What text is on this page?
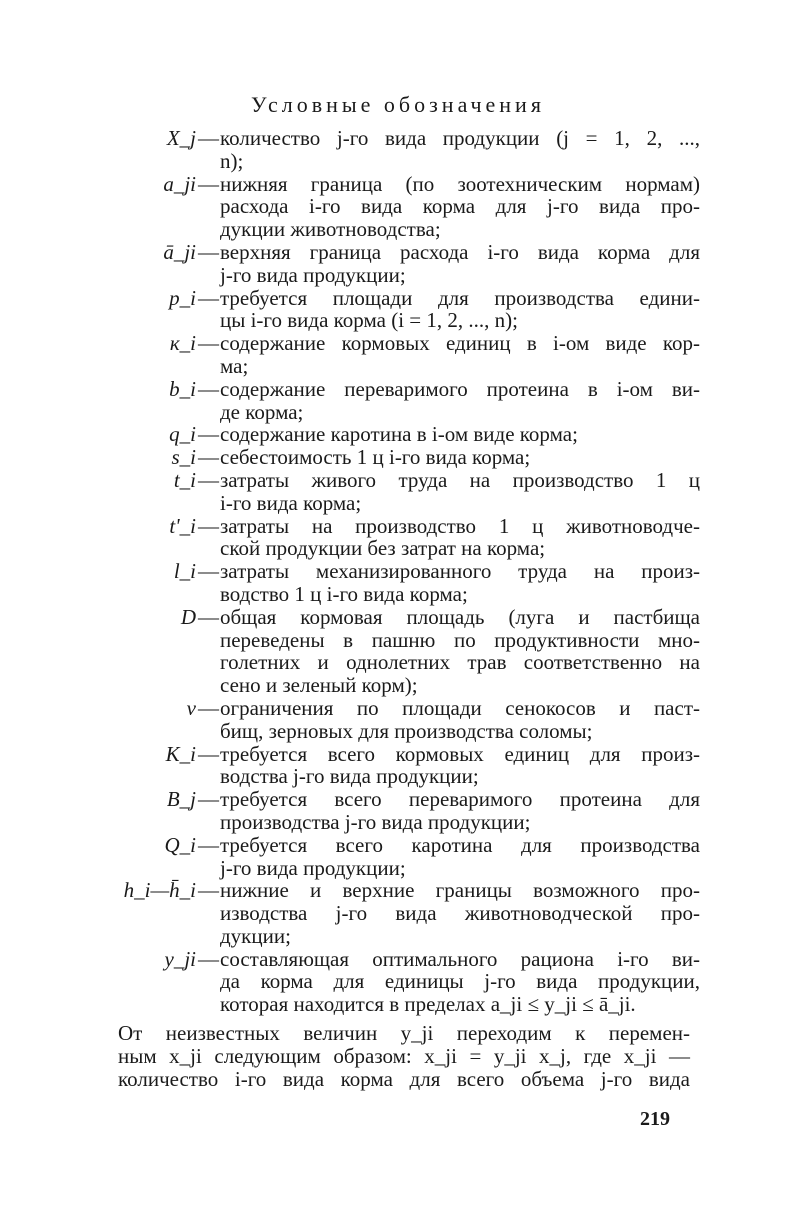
Условные обозначения
X_j — количество j-го вида продукции (j = 1, 2, ...,
n);
a_ji — нижняя граница (по зоотехническим нормам)
расхода i-го вида корма для j-го вида про-
дукции животноводства;
ā_ji — верхняя граница расхода i-го вида корма для
j-го вида продукции;
p_i — требуется площади для производства едини-
цы i-го вида корма (i = 1, 2, ..., n);
к_i — содержание кормовых единиц в i-ом виде кор-
ма;
b_i — содержание переваримого протеина в i-ом ви-
де корма;
q_i — содержание каротина в i-ом виде корма;
s_i — себестоимость 1 ц i-го вида корма;
t_i — затраты живого труда на производство 1 ц
i-го вида корма;
t'_i — затраты на производство 1 ц животноводче-
ской продукции без затрат на корма;
l_i — затраты механизированного труда на произ-
водство 1 ц i-го вида корма;
D — общая кормовая площадь (луга и пастбища
переведены в пашню по продуктивности мно-
голетних и однолетних трав соответственно на
сено и зеленый корм);
v — ограничения по площади сенокосов и паст-
бищ, зерновых для производства соломы;
K_i — требуется всего кормовых единиц для произ-
водства j-го вида продукции;
B_j — требуется всего переваримого протеина для
производства j-го вида продукции;
Q_i — требуется всего каротина для производства
j-го вида продукции;
h_i—h̄_i — нижние и верхние границы возможного про-
изводства j-го вида животноводческой про-
дукции;
y_ji — составляющая оптимального рациона i-го ви-
да корма для единицы j-го вида продукции,
которая находится в пределах a_ji ≤ y_ji ≤ ā_ji.
От неизвестных величин y_ji переходим к перемен-
ным x_ji следующим образом: x_ji = y_ji x_j, где x_ji —
количество i-го вида корма для всего объема j-го вида
219
